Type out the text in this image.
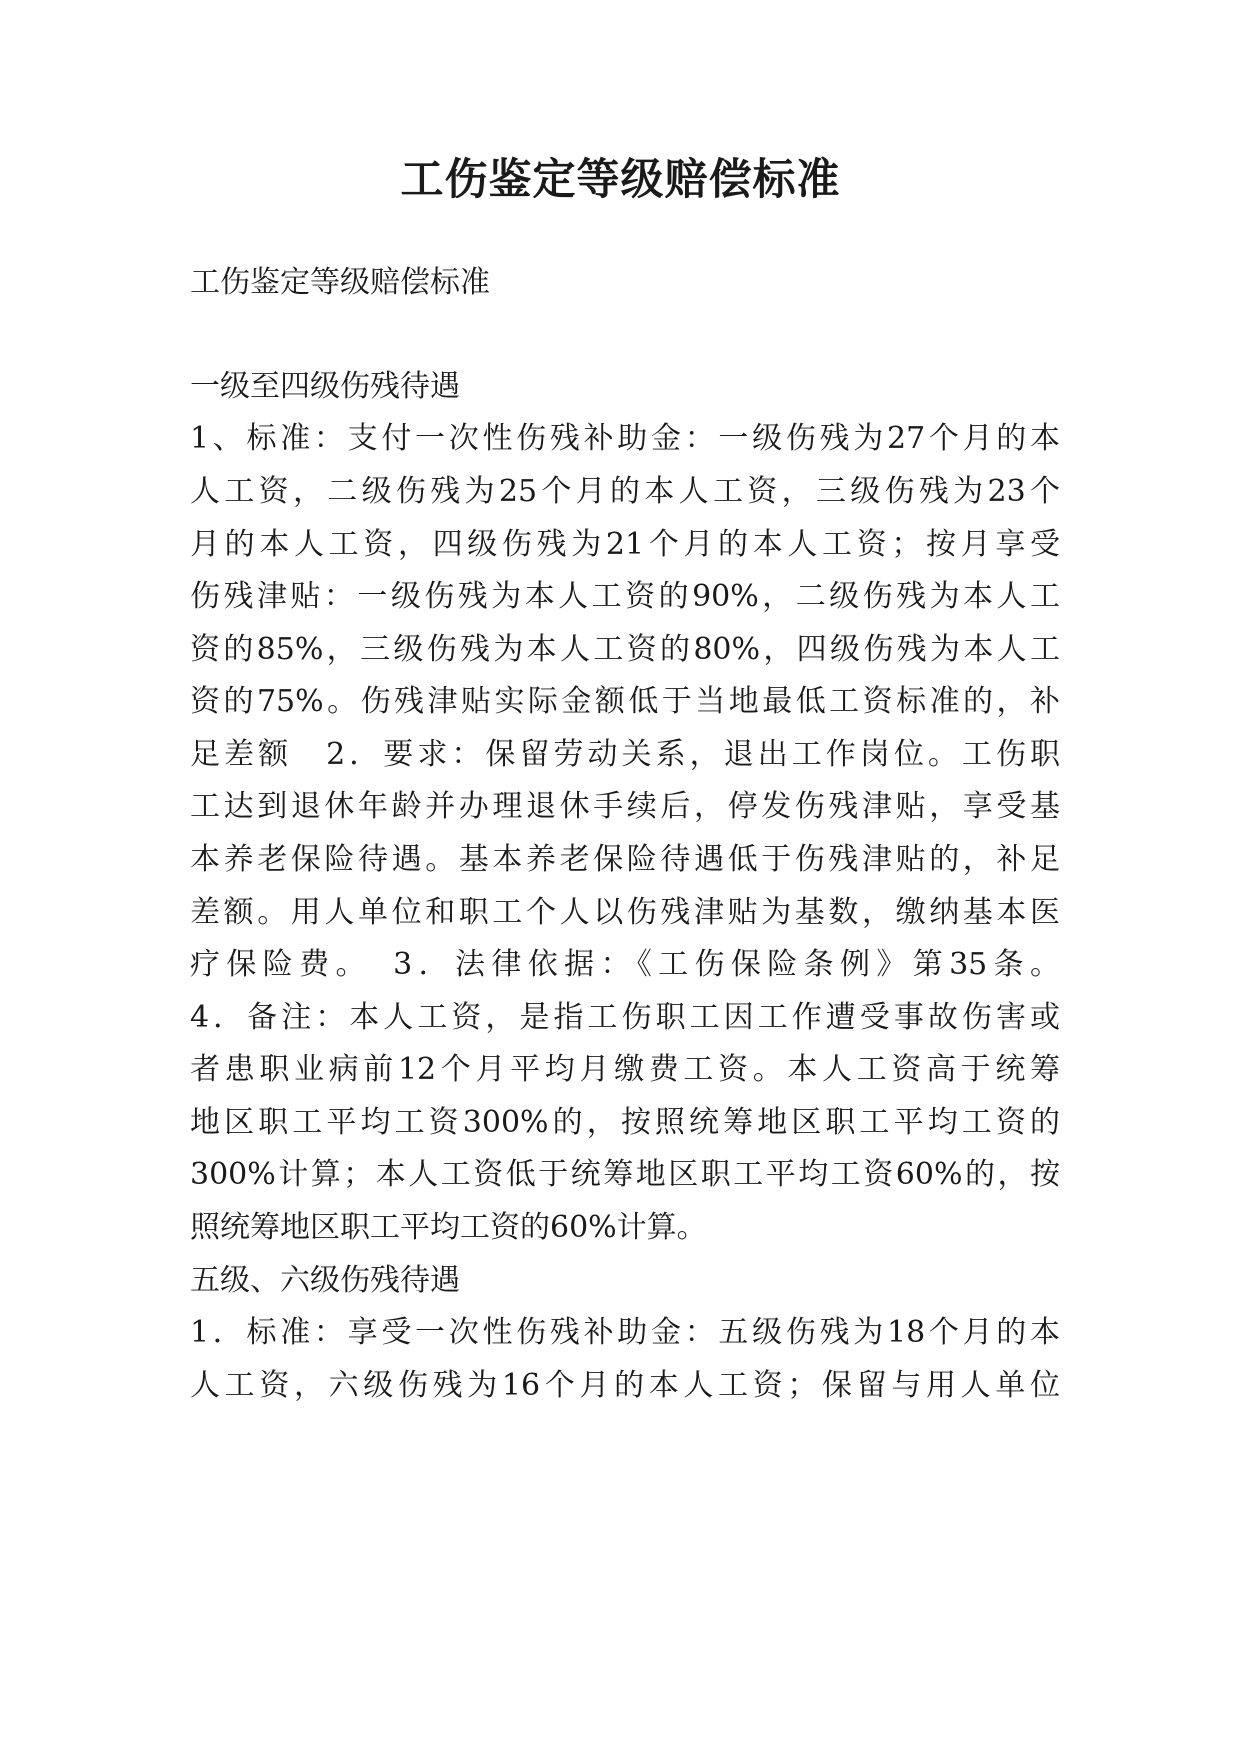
工伤鉴定等级赔偿标准
工伤鉴定等级赔偿标准
一级至四级伤残待遇
1、标准：支付一次性伤残补助金：一级伤残为27个月的本
人工资，二级伤残为25个月的本人工资，三级伤残为23个
月的本人工资，四级伤残为21个月的本人工资；按月享受
伤残津贴：一级伤残为本人工资的90%，二级伤残为本人工
资的85%，三级伤残为本人工资的80%，四级伤残为本人工
资的75%。伤残津贴实际金额低于当地最低工资标准的，补
足差额　2．要求：保留劳动关系，退出工作岗位。工伤职
工达到退休年龄并办理退休手续后，停发伤残津贴，享受基
本养老保险待遇。基本养老保险待遇低于伤残津贴的，补足
差额。用人单位和职工个人以伤残津贴为基数，缴纳基本医
疗保险费。　3．法律依据：《工伤保险条例》第35条。
4．备注：本人工资，是指工伤职工因工作遭受事故伤害或
者患职业病前12个月平均月缴费工资。本人工资高于统筹
地区职工平均工资300%的，按照统筹地区职工平均工资的
300%计算；本人工资低于统筹地区职工平均工资60%的，按
照统筹地区职工平均工资的60%计算。
五级、六级伤残待遇
1．标准：享受一次性伤残补助金：五级伤残为18个月的本
人工资，六级伤残为16个月的本人工资；保留与用人单位
